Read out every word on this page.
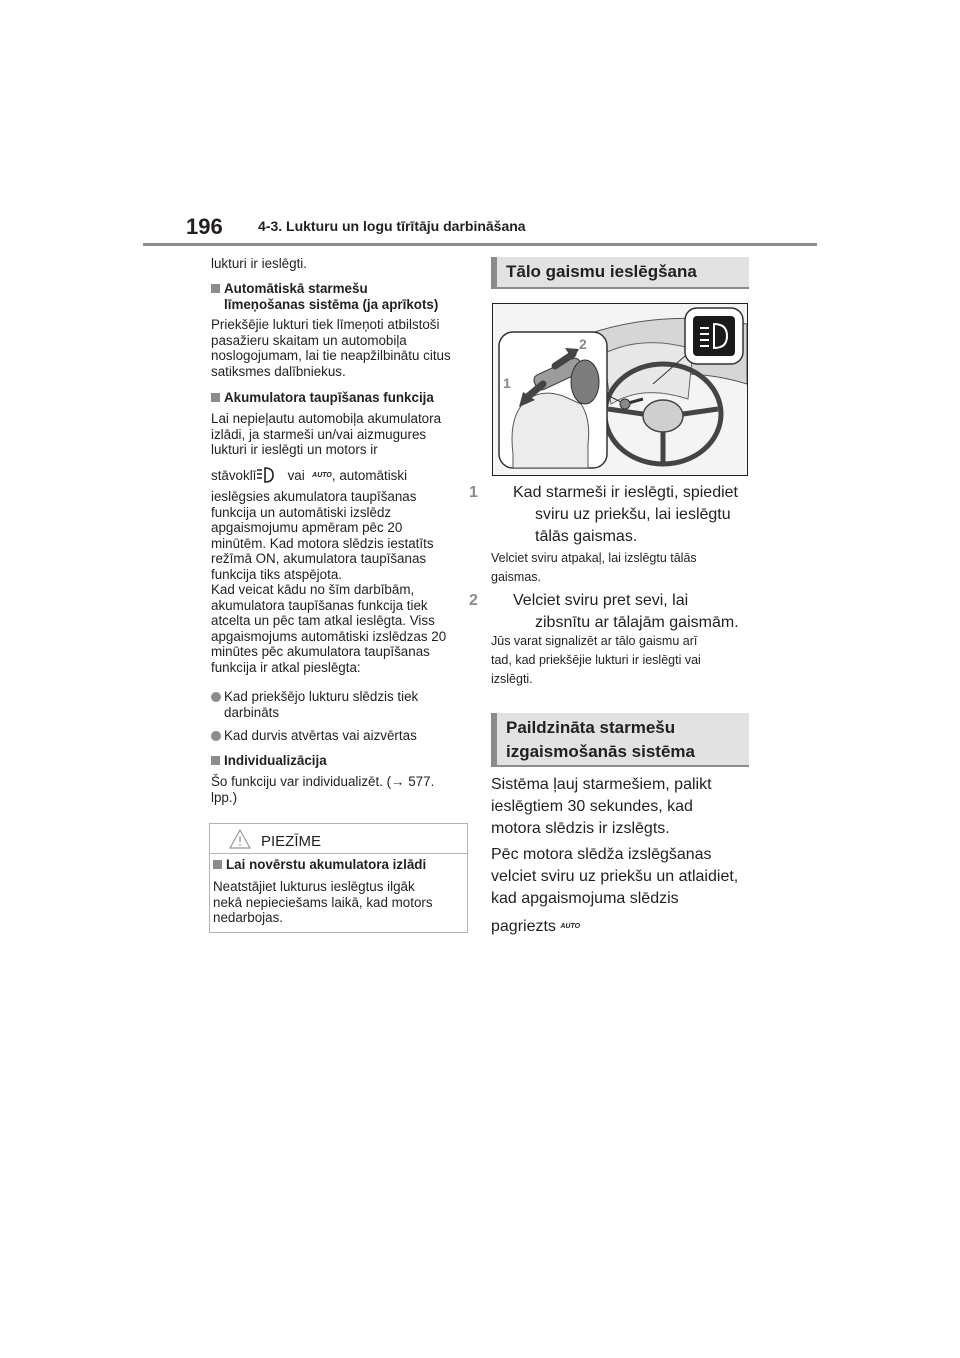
196	4-3. Lukturu un logu tīrītāju darbināšana
lukturi ir ieslēgti.
Automātiskā starmešu
līmeņošanas sistēma (ja aprīkots)
Priekšējie lukturi tiek līmeņoti atbilstoši
pasažieru skaitam un automobiļa
noslogojumam, lai tie neapžilbinātu citus
satiksmes dalībniekus.
Akumulatora taupīšanas funkcija
Lai nepieļautu automobiļa akumulatora
izlādi, ja starmeši un/vai aizmugures
lukturi ir ieslēgti un motors ir
stāvoklī vai $^{AUTO}$, automātiski
ieslēgsies akumulatora taupīšanas
funkcija un automātiski izslēdz
apgaismojumu apmēram pēc 20
minūtēm. Kad motora slēdzis iestatīts
režīmā ON, akumulatora taupīšanas
funkcija tiks atspējota.
Kad veicat kādu no šīm darbībām,
akumulatora taupīšanas funkcija tiek
atcelta un pēc tam atkal ieslēgta. Viss
apgaismojums automātiski izslēdzas 20
minūtes pēc akumulatora taupīšanas
funkcija ir atkal pieslēgta:
Kad priekšējo lukturu slēdzis tiek
darbināts
Kad durvis atvērtas vai aizvērtas
Individualizācija
Šo funkciju var individualizēt. (→ 577.
lpp.)
PIEZĪME
Lai novērstu akumulatora izlādi
Neatstājiet lukturus ieslēgtus ilgāk
nekā nepieciešams laikā, kad motors
nedarbojas.
Tālo gaismu ieslēgšana
1
2
1 Kad starmeši ir ieslēgti, spiediet
sviru uz priekšu, lai ieslēgtu
tālās gaismas.
Velciet sviru atpakaļ, lai izslēgtu tālās
gaismas.
2 Velciet sviru pret sevi, lai
zibsnītu ar tālajām gaismām.
Jūs varat signalizēt ar tālo gaismu arī
tad, kad priekšējie lukturi ir ieslēgti vai
izslēgti.
Paildzināta starmešu
izgaismošanās sistēma
Sistēma ļauj starmešiem, palikt
ieslēgtiem 30 sekundes, kad
motora slēdzis ir izslēgts.
Pēc motora slēdža izslēgšanas
velciet sviru uz priekšu un atlaidiet,
kad apgaismojuma slēdzis
pagriezts AUTO
